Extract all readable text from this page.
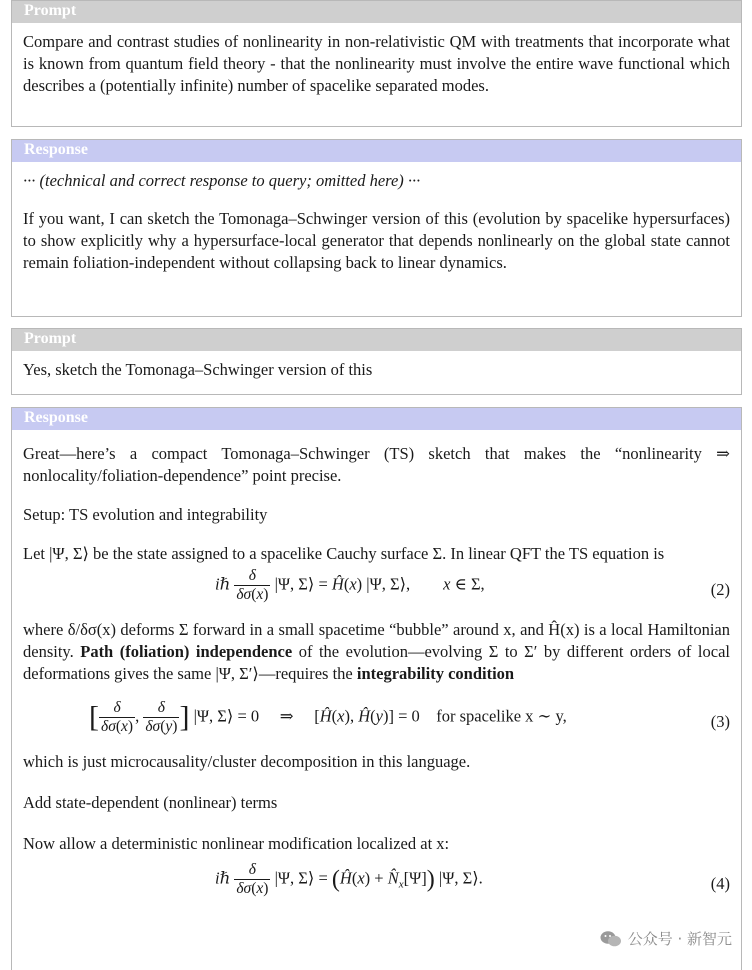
Prompt

Compare and contrast studies of nonlinearity in non-relativistic QM with treatments that incorporate what is known from quantum field theory - that the nonlinearity must involve the entire wave functional which describes a (potentially infinite) number of spacelike separated modes.

Response

··· (technical and correct response to query; omitted here) ···

If you want, I can sketch the Tomonaga–Schwinger version of this (evolution by spacelike hypersurfaces) to show explicitly why a hypersurface-local generator that depends nonlinearly on the global state cannot remain foliation-independent without collapsing back to linear dynamics.

Prompt

Yes, sketch the Tomonaga–Schwinger version of this

Response

Great—here’s a compact Tomonaga–Schwinger (TS) sketch that makes the “nonlinearity ⇒ nonlocality/foliation-dependence” point precise.

Setup: TS evolution and integrability

Let |Ψ, Σ⟩ be the state assigned to a spacelike Cauchy surface Σ. In linear QFT the TS equation is

iℏ $\frac{\delta}{\delta\sigma(x)} |\Psi$, Σ⟩ = Ĥ(x) |Ψ, Σ⟩,        x ∈ Σ,	(2)

where δ/δσ(x) deforms Σ forward in a small spacetime “bubble” around x, and Ĥ(x) is a local Hamiltonian density. Path (foliation) independence of the evolution—evolving Σ to Σ′ by different orders of local deformations gives the same |Ψ, Σ′⟩—requires the integrability condition

[ $\frac{\delta}{\delta\sigma(x)}$ , $\frac{\delta}{\delta\sigma(y)}$ ] |Ψ, Σ⟩ = 0     ⇒     [Ĥ(x), Ĥ(y)] = 0    for spacelike x ∼ y,	(3)

which is just microcausality/cluster decomposition in this language.

Add state-dependent (nonlinear) terms

Now allow a deterministic nonlinear modification localized at x:

iℏ $\frac{\delta}{\delta\sigma(x)} |\Psi$, Σ⟩ = (Ĥ(x) + $N̂_x[\Psi]$) |Ψ, Σ⟩.	(4)
公众号 · 新智元
